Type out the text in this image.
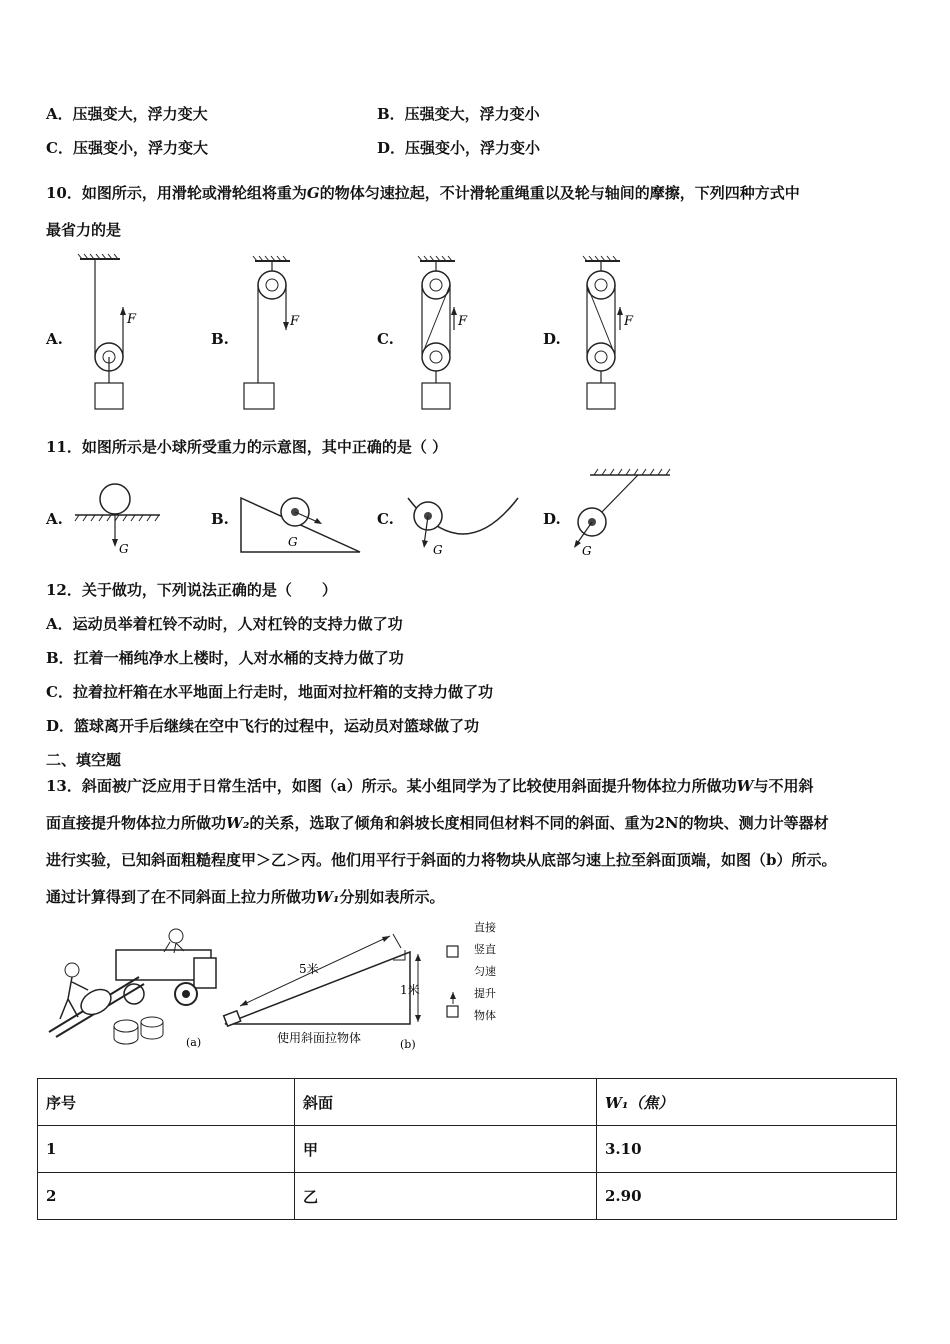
A．压强变大，浮力变大	B．压强变大，浮力变小
C．压强变小，浮力变大	D．压强变小，浮力变小
10．如图所示，用滑轮或滑轮组将重为G的物体匀速拉起，不计滑轮重绳重以及轮与轴间的摩擦，下列四种方式中
最省力的是
A.	B.	C.	D.
F	F	F	F
11．如图所示是小球所受重力的示意图，其中正确的是（ ）
A.	B.	C.	D.
G	G
G	G
12．关于做功，下列说法正确的是（　　）
A．运动员举着杠铃不动时，人对杠铃的支持力做了功
B．扛着一桶纯净水上楼时，人对水桶的支持力做了功
C．拉着拉杆箱在水平地面上行走时，地面对拉杆箱的支持力做了功
D．篮球离开手后继续在空中飞行的过程中，运动员对篮球做了功
二、填空题
13．斜面被广泛应用于日常生活中，如图（a）所示。某小组同学为了比较使用斜面提升物体拉力所做功W与不用斜
面直接提升物体拉力所做功W₂的关系，选取了倾角和斜坡长度相同但材料不同的斜面、重为2N的物块、测力计等器材
进行实验，已知斜面粗糙程度甲＞乙＞丙。他们用平行于斜面的力将物块从底部匀速上拉至斜面顶端，如图（b）所示。
通过计算得到了在不同斜面上拉力所做功W₁分别如表所示。
(a)
5米
1米
使用斜面拉物体	(b)
直接
竖直
匀速
提升
物体
序号	斜面	W₁（焦）
1	甲	3.10
2	乙	2.90
